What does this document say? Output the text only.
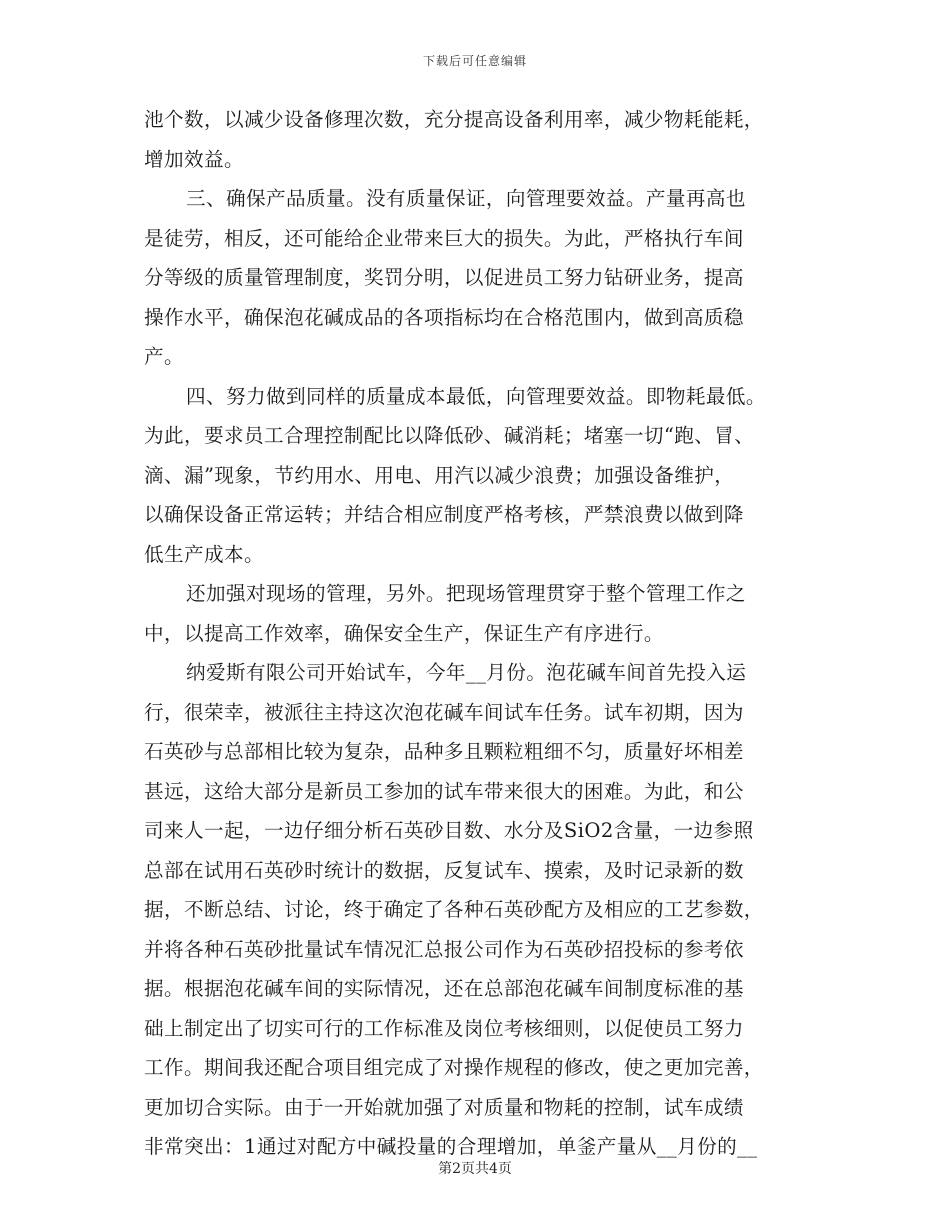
下载后可任意编辑
池个数，以减少设备修理次数，充分提高设备利用率，减少物耗能耗，
增加效益。
三、确保产品质量。没有质量保证，向管理要效益。产量再高也
是徒劳，相反，还可能给企业带来巨大的损失。为此，严格执行车间
分等级的质量管理制度，奖罚分明，以促进员工努力钻研业务，提高
操作水平，确保泡花碱成品的各项指标均在合格范围内，做到高质稳
产。
四、努力做到同样的质量成本最低，向管理要效益。即物耗最低。
为此，要求员工合理控制配比以降低砂、碱消耗；堵塞一切“跑、冒、
滴、漏”现象，节约用水、用电、用汽以减少浪费；加强设备维护，
以确保设备正常运转；并结合相应制度严格考核，严禁浪费以做到降
低生产成本。
还加强对现场的管理，另外。把现场管理贯穿于整个管理工作之
中，以提高工作效率，确保安全生产，保证生产有序进行。
纳爱斯有限公司开始试车，今年__月份。泡花碱车间首先投入运
行，很荣幸，被派往主持这次泡花碱车间试车任务。试车初期，因为
石英砂与总部相比较为复杂，品种多且颗粒粗细不匀，质量好坏相差
甚远，这给大部分是新员工参加的试车带来很大的困难。为此，和公
司来人一起，一边仔细分析石英砂目数、水分及SiO2含量，一边参照
总部在试用石英砂时统计的数据，反复试车、摸索，及时记录新的数
据，不断总结、讨论，终于确定了各种石英砂配方及相应的工艺参数，
并将各种石英砂批量试车情况汇总报公司作为石英砂招投标的参考依
据。根据泡花碱车间的实际情况，还在总部泡花碱车间制度标准的基
础上制定出了切实可行的工作标准及岗位考核细则，以促使员工努力
工作。期间我还配合项目组完成了对操作规程的修改，使之更加完善，
更加切合实际。由于一开始就加强了对质量和物耗的控制，试车成绩
非常突出：1通过对配方中碱投量的合理增加，单釜产量从__月份的__
第2页共4页
